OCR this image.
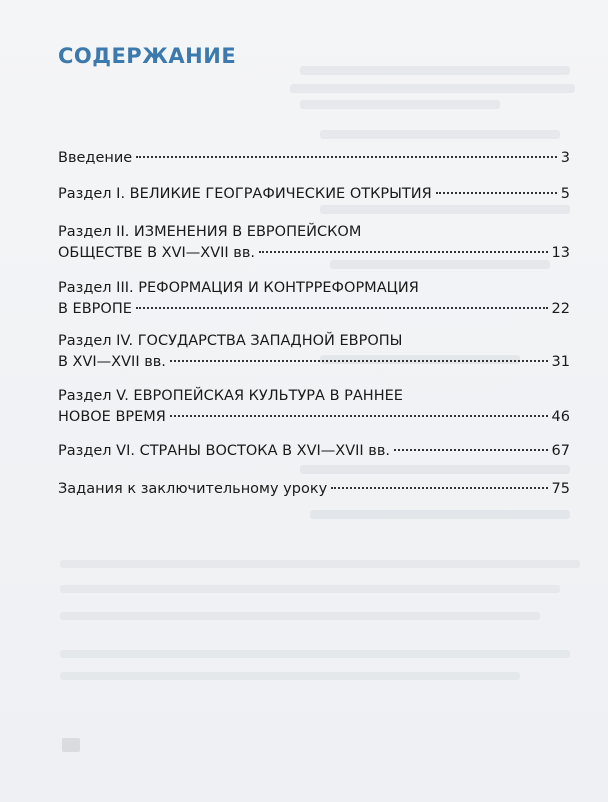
СОДЕРЖАНИЕ
Введение	3
Раздел I. ВЕЛИКИЕ ГЕОГРАФИЧЕСКИЕ ОТКРЫТИЯ	5
Раздел II. ИЗМЕНЕНИЯ В ЕВРОПЕЙСКОМ
ОБЩЕСТВЕ В XVI—XVII вв.	13
Раздел III. РЕФОРМАЦИЯ И КОНТРРЕФОРМАЦИЯ
В ЕВРОПЕ	22
Раздел IV. ГОСУДАРСТВА ЗАПАДНОЙ ЕВРОПЫ
В XVI—XVII вв.	31
Раздел V. ЕВРОПЕЙСКАЯ КУЛЬТУРА В РАННЕЕ
НОВОЕ ВРЕМЯ	46
Раздел VI. СТРАНЫ ВОСТОКА В XVI—XVII вв.	67
Задания к заключительному уроку	75
